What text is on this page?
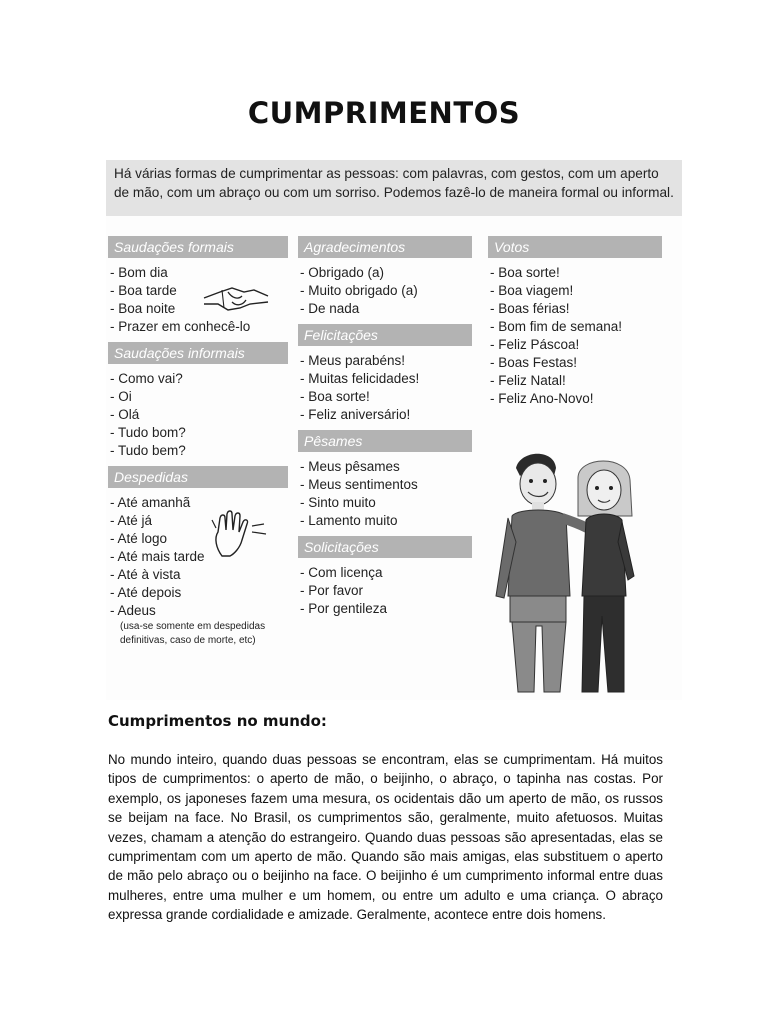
CUMPRIMENTOS
Há várias formas de cumprimentar as pessoas: com palavras, com gestos, com um aperto de mão, com um abraço ou com um sorriso. Podemos fazê-lo de maneira formal ou informal.
Saudações formais
- Bom dia
- Boa tarde
- Boa noite
- Prazer em conhecê-lo
Saudações informais
- Como vai?
- Oi
- Olá
- Tudo bom?
- Tudo bem?
Despedidas
- Até amanhã
- Até já
- Até logo
- Até mais tarde
- Até à vista
- Até depois
- Adeus
(usa-se somente em despedidas definitivas, caso de morte, etc)
Agradecimentos
- Obrigado (a)
- Muito obrigado (a)
- De nada
Felicitações
- Meus parabéns!
- Muitas felicidades!
- Boa sorte!
- Feliz aniversário!
Pêsames
- Meus pêsames
- Meus sentimentos
- Sinto muito
- Lamento muito
Solicitações
- Com licença
- Por favor
- Por gentileza
Votos
- Boa sorte!
- Boa viagem!
- Boas férias!
- Bom fim de semana!
- Feliz Páscoa!
- Boas Festas!
- Feliz Natal!
- Feliz Ano-Novo!
Cumprimentos no mundo:
No mundo inteiro, quando duas pessoas se encontram, elas se cumprimentam. Há muitos tipos de cumprimentos: o aperto de mão, o beijinho, o abraço, o tapinha nas costas. Por exemplo, os japoneses fazem uma mesura, os ocidentais dão um aperto de mão, os russos se beijam na face. No Brasil, os cumprimentos são, geralmente, muito afetuosos. Muitas vezes, chamam a atenção do estrangeiro. Quando duas pessoas são apresentadas, elas se cumprimentam com um aperto de mão. Quando são mais amigas, elas substituem o aperto de mão pelo abraço ou o beijinho na face. O beijinho é um cumprimento informal entre duas mulheres, entre uma mulher e um homem, ou entre um adulto e uma criança. O abraço expressa grande cordialidade e amizade. Geralmente, acontece entre dois homens.
